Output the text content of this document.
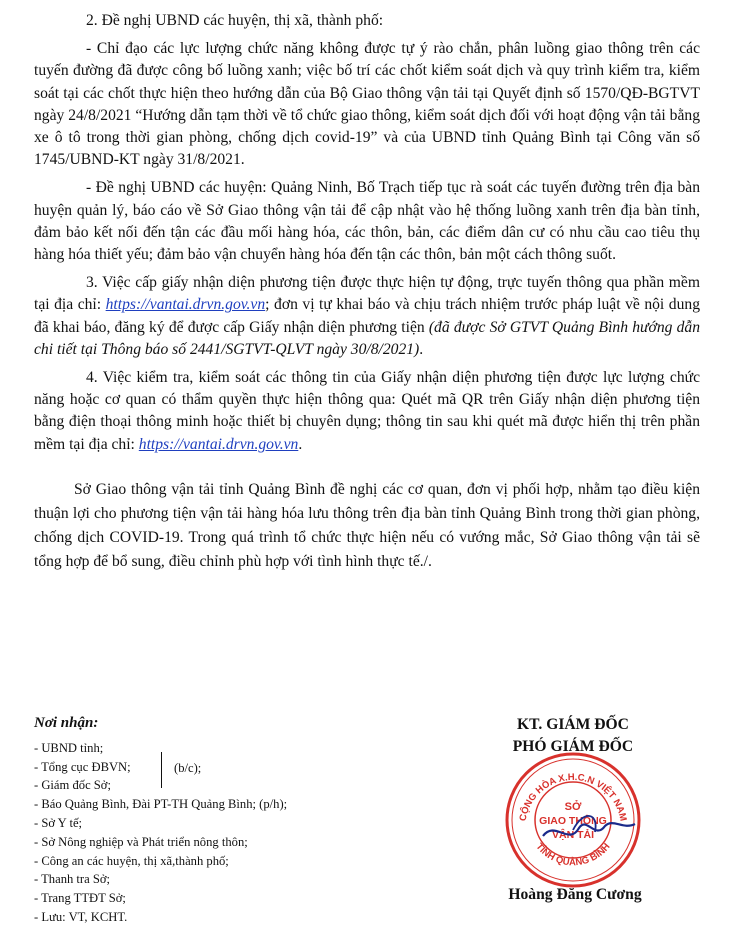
2. Đề nghị UBND các huyện, thị xã, thành phố:

- Chỉ đạo các lực lượng chức năng không được tự ý rào chắn, phân luồng giao thông trên các tuyến đường đã được công bố luồng xanh; việc bố trí các chốt kiểm soát dịch và quy trình kiểm tra, kiểm soát tại các chốt thực hiện theo hướng dẫn của Bộ Giao thông vận tải tại Quyết định số 1570/QĐ-BGTVT ngày 24/8/2021 “Hướng dẫn tạm thời về tổ chức giao thông, kiểm soát dịch đối với hoạt động vận tải bằng xe ô tô trong thời gian phòng, chống dịch covid-19” và của UBND tỉnh Quảng Bình tại Công văn số 1745/UBND-KT ngày 31/8/2021.

- Đề nghị UBND các huyện: Quảng Ninh, Bố Trạch tiếp tục rà soát các tuyến đường trên địa bàn huyện quản lý, báo cáo về Sở Giao thông vận tải để cập nhật vào hệ thống luồng xanh trên địa bàn tỉnh, đảm bảo kết nối đến tận các đầu mối hàng hóa, các thôn, bản, các điểm dân cư có nhu cầu cao tiêu thụ hàng hóa thiết yếu; đảm bảo vận chuyển hàng hóa đến tận các thôn, bản một cách thông suốt.

3. Việc cấp giấy nhận diện phương tiện được thực hiện tự động, trực tuyến thông qua phần mềm tại địa chỉ: https://vantai.drvn.gov.vn; đơn vị tự khai báo và chịu trách nhiệm trước pháp luật về nội dung đã khai báo, đăng ký để được cấp Giấy nhận diện phương tiện (đã được Sở GTVT Quảng Bình hướng dẫn chi tiết tại Thông báo số 2441/SGTVT-QLVT ngày 30/8/2021).

4. Việc kiểm tra, kiểm soát các thông tin của Giấy nhận diện phương tiện được lực lượng chức năng hoặc cơ quan có thẩm quyền thực hiện thông qua: Quét mã QR trên Giấy nhận diện phương tiện bằng điện thoại thông minh hoặc thiết bị chuyên dụng; thông tin sau khi quét mã được hiển thị trên phần mềm tại địa chỉ: https://vantai.drvn.gov.vn.

Sở Giao thông vận tải tỉnh Quảng Bình đề nghị các cơ quan, đơn vị phối hợp, nhằm tạo điều kiện thuận lợi cho phương tiện vận tải hàng hóa lưu thông trên địa bàn tỉnh Quảng Bình trong thời gian phòng, chống dịch COVID-19. Trong quá trình tổ chức thực hiện nếu có vướng mắc, Sở Giao thông vận tải sẽ tổng hợp để bổ sung, điều chỉnh phù hợp với tình hình thực tế./.

Nơi nhận:
- UBND tỉnh;
- Tổng cục ĐBVN;
- Giám đốc Sở;
- Báo Quảng Bình, Đài PT-TH Quảng Bình; (p/h);
- Sở Y tế;
- Sở Nông nghiệp và Phát triển nông thôn;
- Công an các huyện, thị xã,thành phố;
- Thanh tra Sở;
- Trang TTĐT Sở;
- Lưu: VT, KCHT.
(b/c);
KT. GIÁM ĐỐC
PHÓ GIÁM ĐỐC
CỘNG HÒA X.H.C.N VIỆT NAM
TỈNH QUẢNG BÌNH
SỞ
GIAO THÔNG
VẬN TẢI
Hoàng Đăng Cương
